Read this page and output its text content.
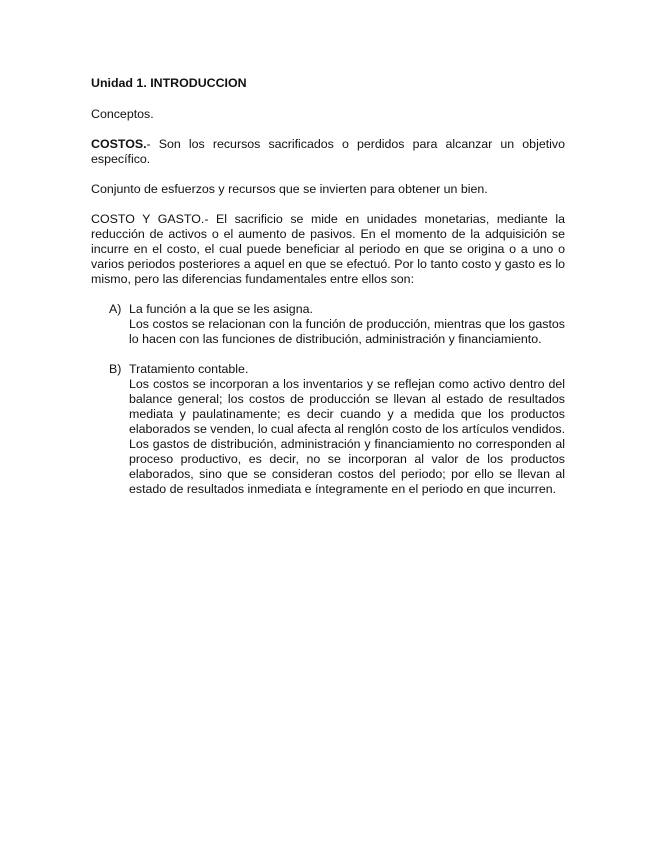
Unidad 1. INTRODUCCION

Conceptos.

COSTOS.- Son los recursos sacrificados o perdidos para alcanzar un objetivo específico.

Conjunto de esfuerzos y recursos que se invierten para obtener un bien.

COSTO Y GASTO.- El sacrificio se mide en unidades monetarias, mediante la reducción de activos o el aumento de pasivos. En el momento de la adquisición se incurre en el costo, el cual puede beneficiar al periodo en que se origina o a uno o varios periodos posteriores a aquel en que se efectuó. Por lo tanto costo y gasto es lo mismo, pero las diferencias fundamentales entre ellos son:

A) La función a la que se les asigna.
Los costos se relacionan con la función de producción, mientras que los gastos lo hacen con las funciones de distribución, administración y financiamiento.
B) Tratamiento contable.
Los costos se incorporan a los inventarios y se reflejan como activo dentro del balance general; los costos de producción se llevan al estado de resultados mediata y paulatinamente; es decir cuando y a medida que los productos elaborados se venden, lo cual afecta al renglón costo de los artículos vendidos.
Los gastos de distribución, administración y financiamiento no corresponden al proceso productivo, es decir, no se incorporan al valor de los productos elaborados, sino que se consideran costos del periodo; por ello se llevan al estado de resultados inmediata e íntegramente en el periodo en que incurren.
